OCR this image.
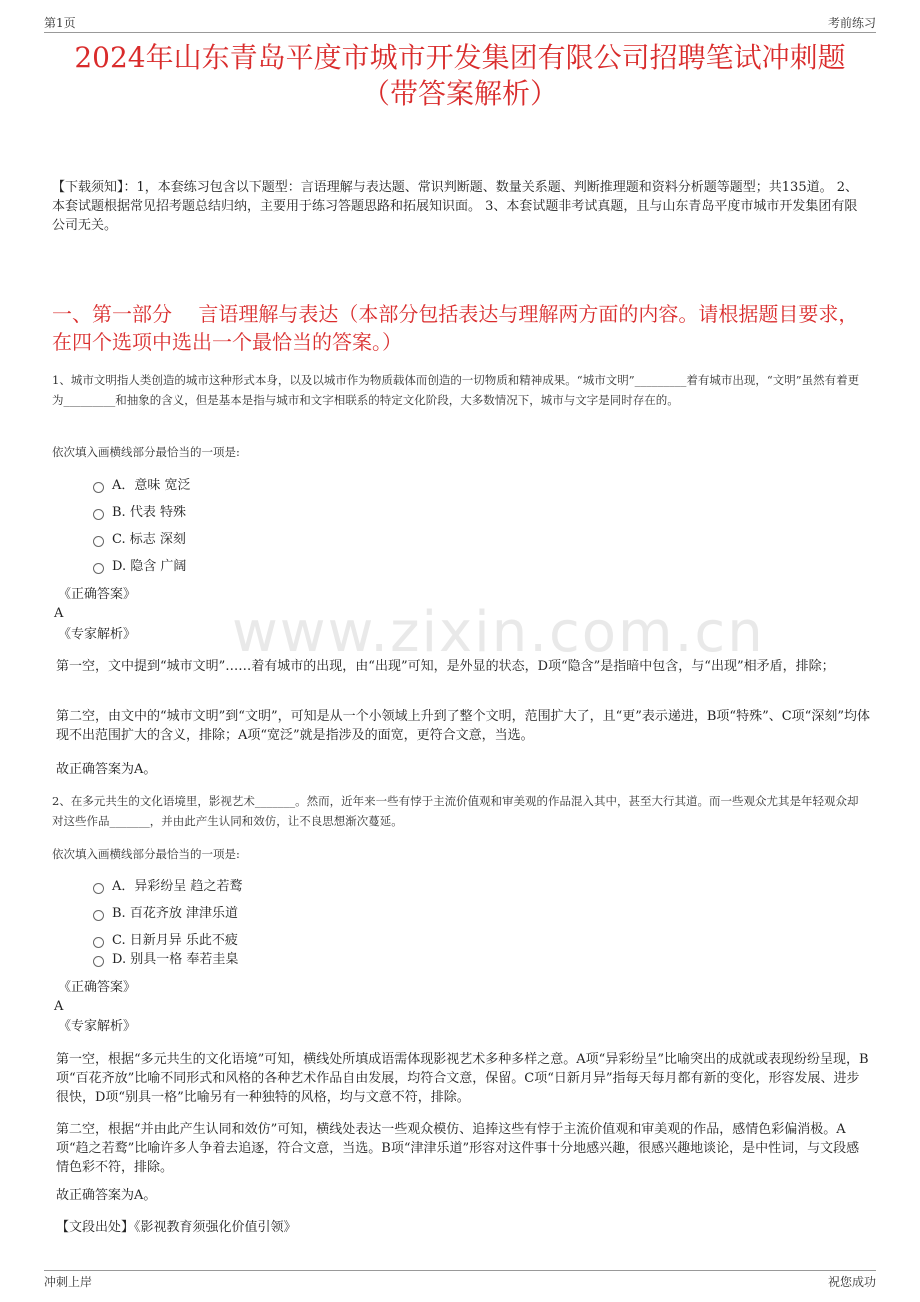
第1页	考前练习
www.zixin.com.cn
2024年山东青岛平度市城市开发集团有限公司招聘笔试冲刺题
（带答案解析）
【下载须知】：1，本套练习包含以下题型：言语理解与表达题、常识判断题、数量关系题、判断推理题和资料分析题等题型；共135道。 2、本套试题根据常见招考题总结归纳，主要用于练习答题思路和拓展知识面。 3、本套试题非考试真题，且与山东青岛平度市城市开发集团有限公司无关。
一、第一部分　 言语理解与表达（本部分包括表达与理解两方面的内容。请根据题目要求，在四个选项中选出一个最恰当的答案。）
1、城市文明指人类创造的城市这种形式本身，以及以城市作为物质载体而创造的一切物质和精神成果。“城市文明”_________着有城市出现，“文明”虽然有着更为_________和抽象的含义，但是基本是指与城市和文字相联系的特定文化阶段，大多数情况下，城市与文字是同时存在的。
依次填入画横线部分最恰当的一项是:
A．意味 宽泛
B. 代表 特殊
C. 标志 深刻
D. 隐含 广阔
《正确答案》
A
《专家解析》
第一空，文中提到“城市文明”……着有城市的出现，由“出现”可知，是外显的状态，D项“隐含”是指暗中包含，与“出现”相矛盾，排除；
第二空，由文中的“城市文明”到“文明”，可知是从一个小领域上升到了整个文明，范围扩大了，且“更”表示递进，B项“特殊”、C项“深刻”均体现不出范围扩大的含义，排除；A项“宽泛”就是指涉及的面宽，更符合文意，当选。
故正确答案为A。
2、在多元共生的文化语境里，影视艺术_______。然而，近年来一些有悖于主流价值观和审美观的作品混入其中，甚至大行其道。而一些观众尤其是年轻观众却对这些作品_______，并由此产生认同和效仿，让不良思想渐次蔓延。
依次填入画横线部分最恰当的一项是:
A．异彩纷呈 趋之若鹜
B. 百花齐放 津津乐道
C. 日新月异 乐此不疲
D. 别具一格 奉若圭臬
《正确答案》
A
《专家解析》
第一空，根据“多元共生的文化语境”可知，横线处所填成语需体现影视艺术多种多样之意。A项“异彩纷呈”比喻突出的成就或表现纷纷呈现，B项“百花齐放”比喻不同形式和风格的各种艺术作品自由发展，均符合文意，保留。C项“日新月异”指每天每月都有新的变化，形容发展、进步很快，D项“别具一格”比喻另有一种独特的风格，均与文意不符，排除。
第二空，根据“并由此产生认同和效仿”可知，横线处表达一些观众模仿、追捧这些有悖于主流价值观和审美观的作品，感情色彩偏消极。A项“趋之若鹜”比喻许多人争着去追逐，符合文意，当选。B项“津津乐道”形容对这件事十分地感兴趣，很感兴趣地谈论，是中性词，与文段感情色彩不符，排除。
故正确答案为A。
【文段出处】《影视教育须强化价值引领》
冲刺上岸	祝您成功
